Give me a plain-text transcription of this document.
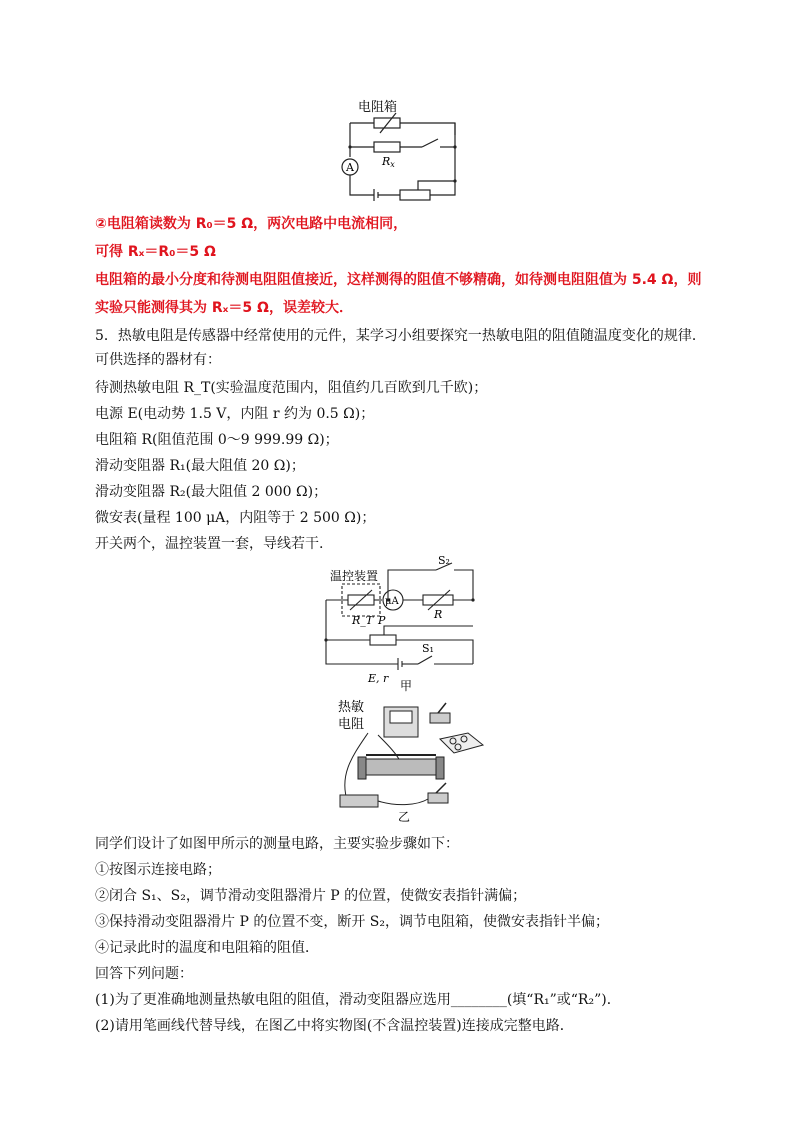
电阻箱
A	Rx
②电阻箱读数为 R₀＝5 Ω，两次电路中电流相同，
可得 Rₓ＝R₀＝5 Ω
电阻箱的最小分度和待测电阻阻值接近，这样测得的阻值不够精确，如待测电阻阻值为 5.4 Ω，则
实验只能测得其为 Rₓ＝5 Ω，误差较大．
5．热敏电阻是传感器中经常使用的元件，某学习小组要探究一热敏电阻的阻值随温度变化的规律．
可供选择的器材有：
待测热敏电阻 R_T(实验温度范围内，阻值约几百欧到几千欧)；
电源 E(电动势 1.5 V，内阻 r 约为 0.5 Ω)；
电阻箱 R(阻值范围 0～9 999.99 Ω)；
滑动变阻器 R₁(最大阻值 20 Ω)；
滑动变阻器 R₂(最大阻值 2 000 Ω)；
微安表(量程 100 μA，内阻等于 2 500 Ω)；
开关两个，温控装置一套，导线若干.
S₂
温控装置
R_T
μA
R
P
S₁
E, r
甲
热敏
电阻
乙
同学们设计了如图甲所示的测量电路，主要实验步骤如下：
①按图示连接电路；
②闭合 S₁、S₂，调节滑动变阻器滑片 P 的位置，使微安表指针满偏；
③保持滑动变阻器滑片 P 的位置不变，断开 S₂，调节电阻箱，使微安表指针半偏；
④记录此时的温度和电阻箱的阻值．
回答下列问题：
(1)为了更准确地测量热敏电阻的阻值，滑动变阻器应选用________(填“R₁”或“R₂”)．
(2)请用笔画线代替导线，在图乙中将实物图(不含温控装置)连接成完整电路．
